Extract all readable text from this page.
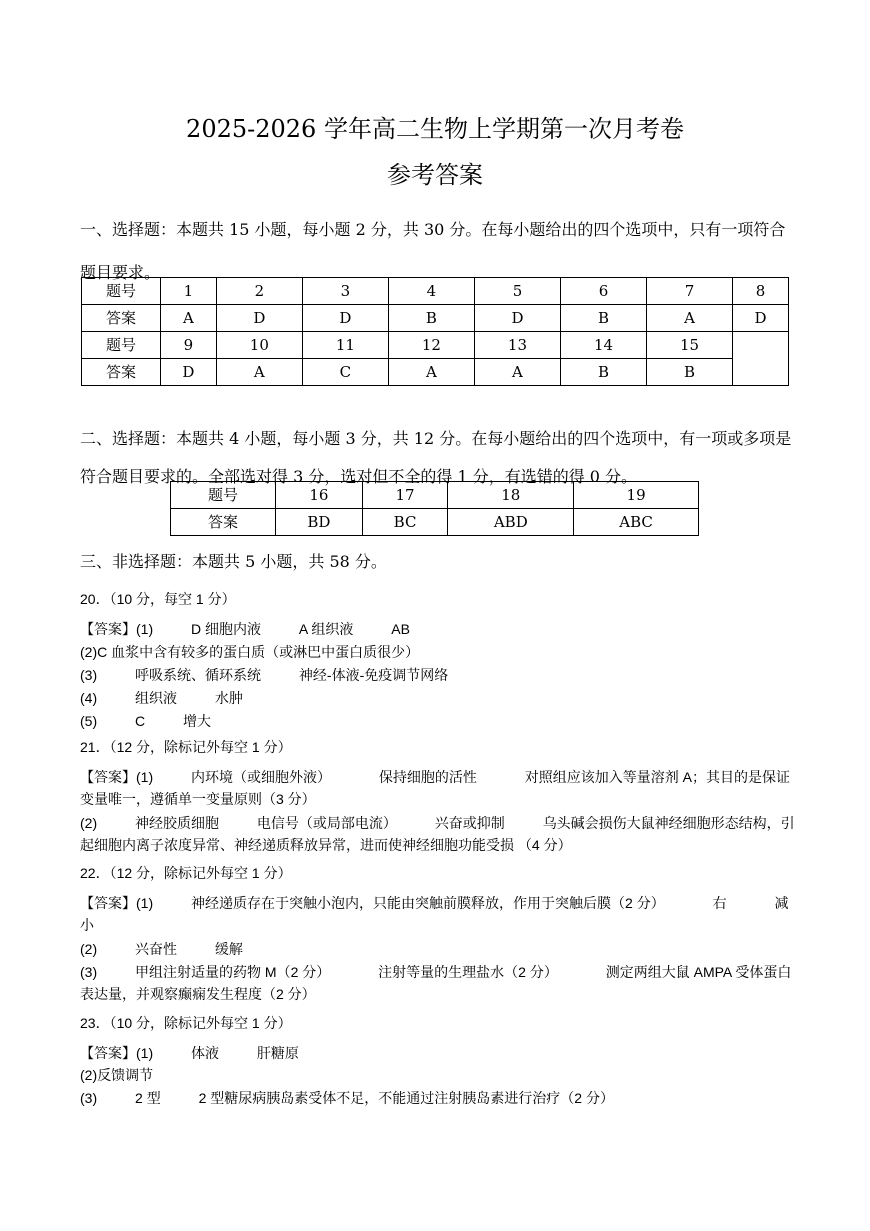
2025-2026 学年高二生物上学期第一次月考卷
参考答案
一、选择题：本题共 15 小题，每小题 2 分，共 30 分。在每小题给出的四个选项中，只有一项符合题目要求。
题号	1	2	3	4	5	6	7	8
答案	A	D	D	B	D	B	A	D
题号	9	10	11	12	13	14	15	
答案	D	A	C	A	A	B	B	
二、选择题：本题共 4 小题，每小题 3 分，共 12 分。在每小题给出的四个选项中，有一项或多项是符合题目要求的。全部选对得 3 分，选对但不全的得 1 分，有选错的得 0 分。
题号	16	17	18	19
答案	BD	BC	ABD	ABC
三、非选择题：本题共 5 小题，共 58 分。
20．（10 分，每空 1 分）
【答案】(1)	D 细胞内液	A 组织液	AB
(2)C 血浆中含有较多的蛋白质（或淋巴中蛋白质很少）
(3)	呼吸系统、循环系统	神经-体液-免疫调节网络
(4)	组织液	水肿
(5)	C	增大
21．（12 分，除标记外每空 1 分）
【答案】(1)	内环境（或细胞外液）	保持细胞的活性	对照组应该加入等量溶剂 A；其目的是保证变量唯一，遵循单一变量原则（3 分）
(2)	神经胶质细胞	电信号（或局部电流）	兴奋或抑制	乌头碱会损伤大鼠神经细胞形态结构，引起细胞内离子浓度异常、神经递质释放异常，进而使神经细胞功能受损 （4 分）
22．（12 分，除标记外每空 1 分）
【答案】(1)	神经递质存在于突触小泡内，只能由突触前膜释放，作用于突触后膜（2 分）	右	减小
(2)	兴奋性	缓解
(3)	甲组注射适量的药物 M（2 分）	注射等量的生理盐水（2 分）	测定两组大鼠 AMPA 受体蛋白表达量，并观察癫痫发生程度（2 分）
23．（10 分，除标记外每空 1 分）
【答案】(1)	体液	肝糖原
(2)反馈调节
(3)	2 型	2 型糖尿病胰岛素受体不足，不能通过注射胰岛素进行治疗（2 分）
